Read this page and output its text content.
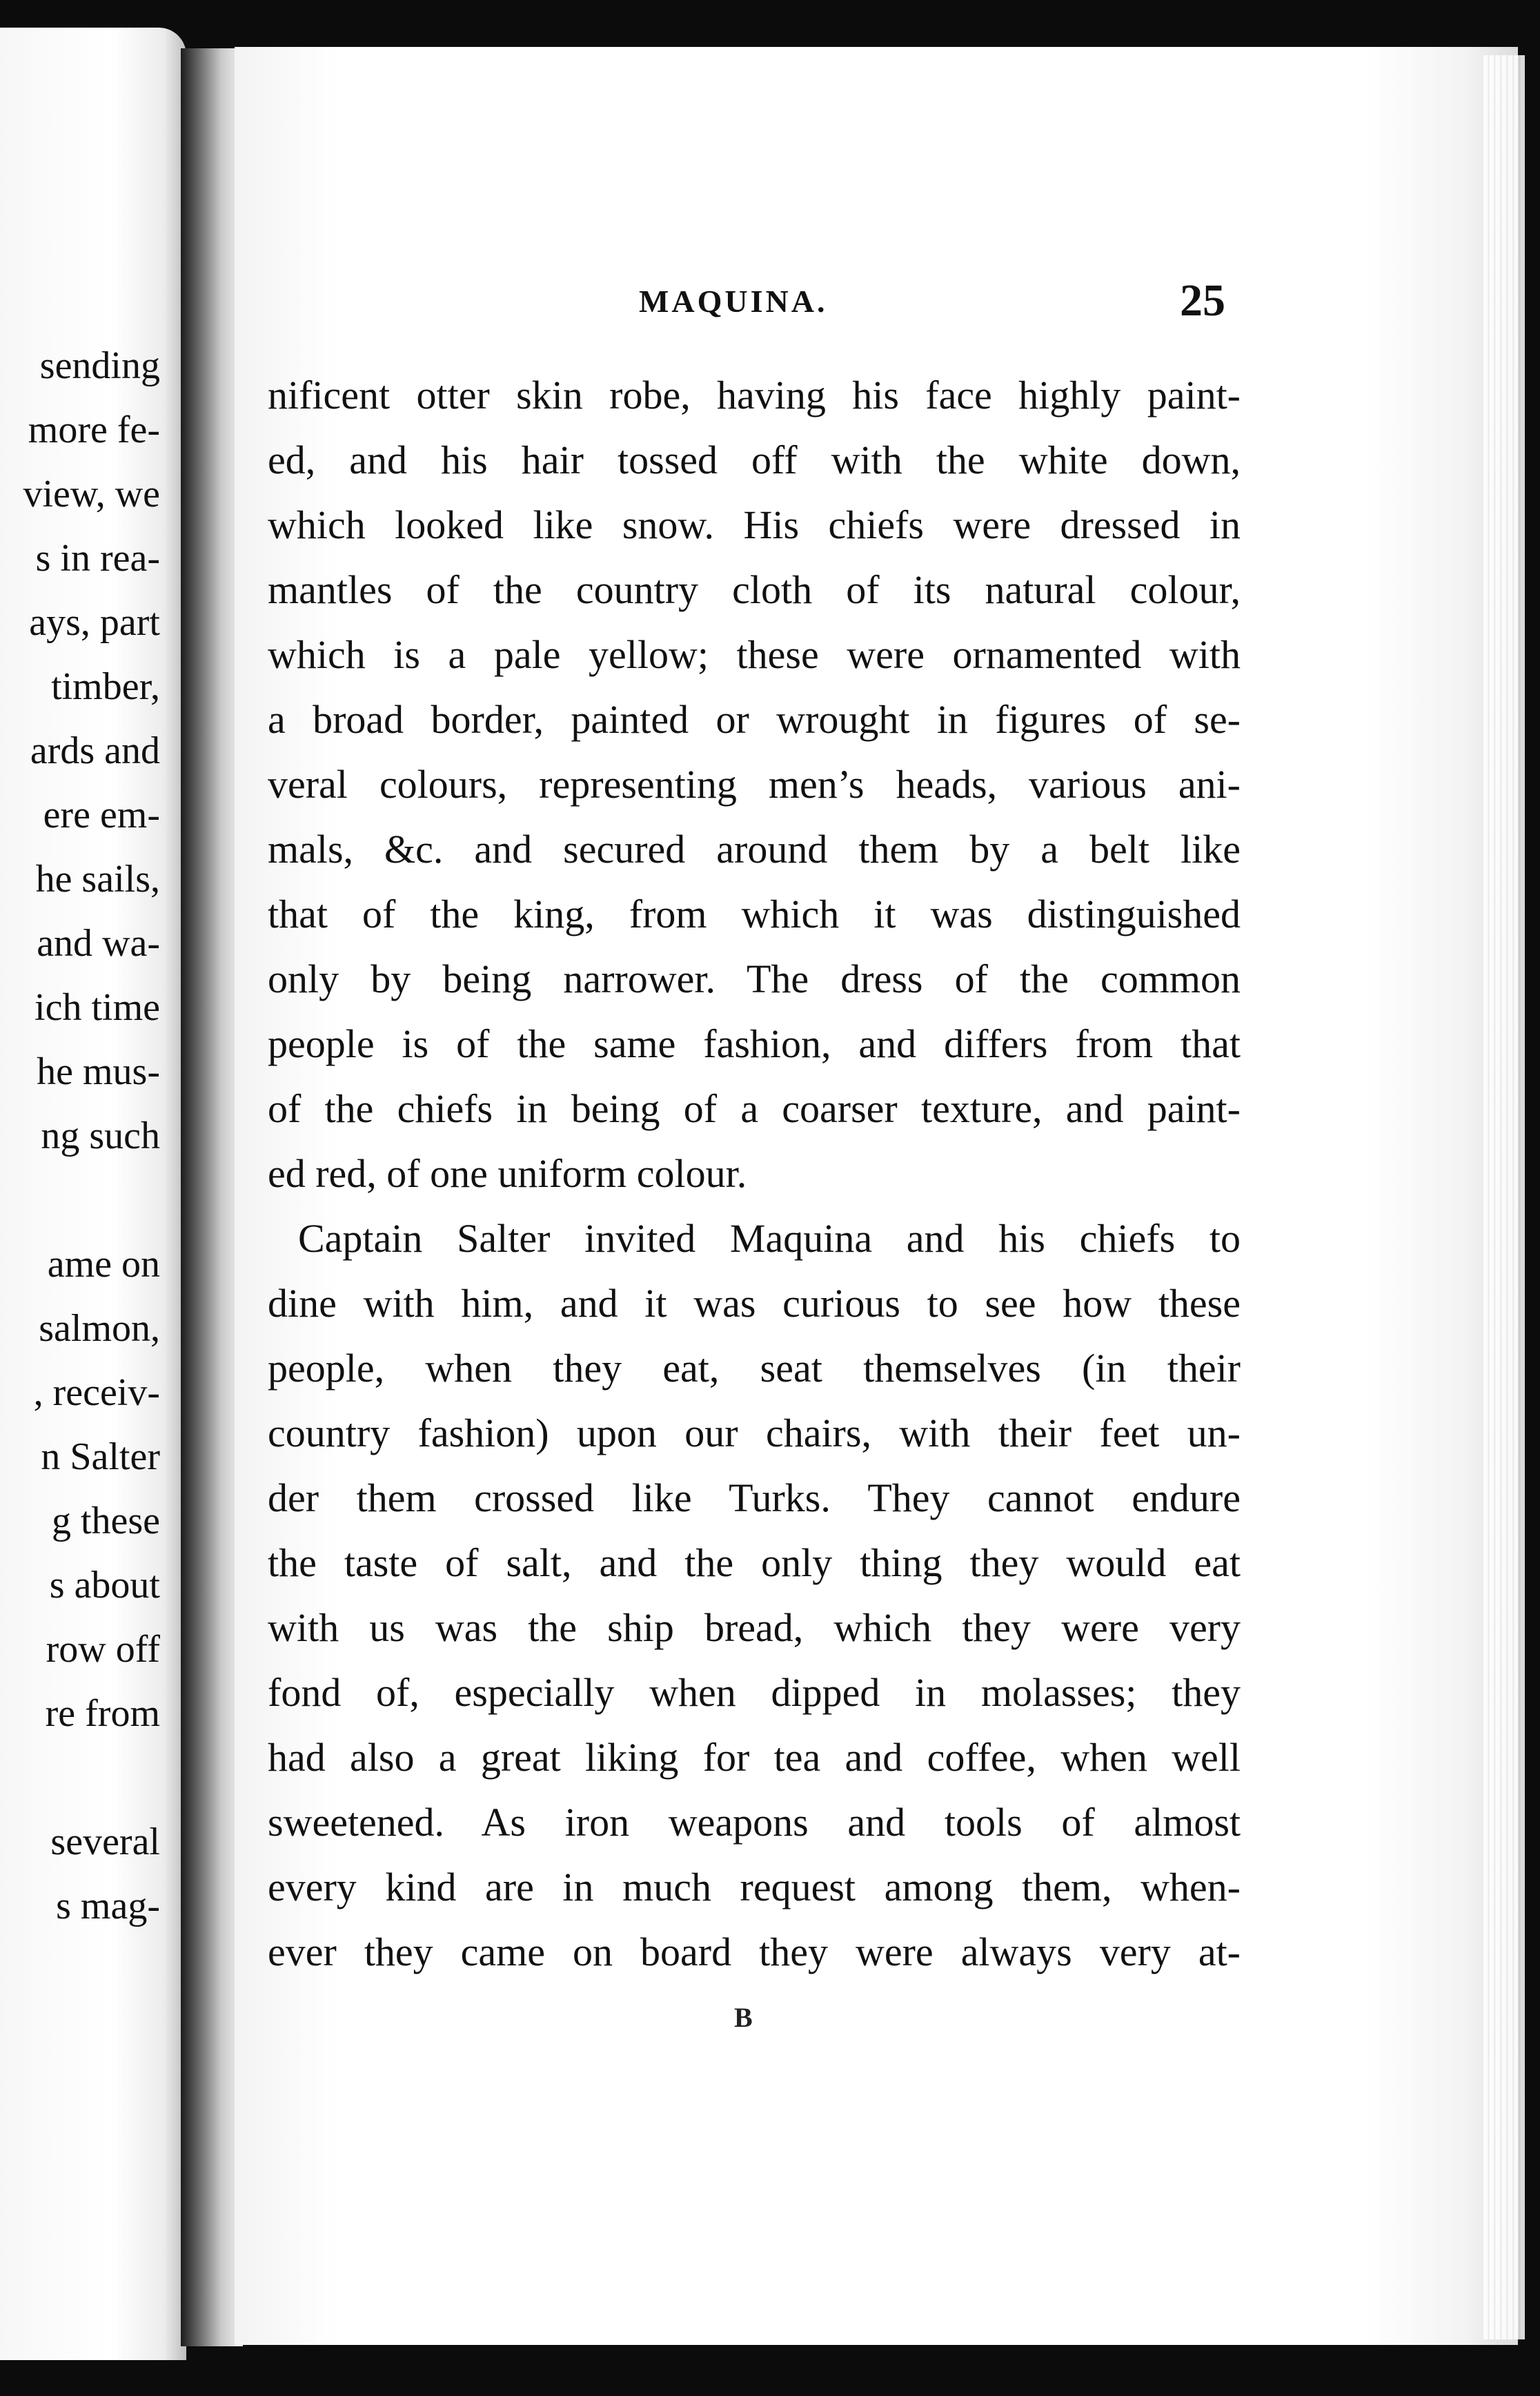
sending
more fe-
view, we
s in rea-
ays, part
timber,
ards and
ere em-
he sails,
and wa-
ich time
he mus-
ng such
ame on
salmon,
, receiv-
n Salter
g these
s about
row off
re from
several
s mag-
MAQUINA.	25
nificent otter skin robe, having his face highly paint-
ed, and his hair tossed off with the white down,
which looked like snow. His chiefs were dressed in
mantles of the country cloth of its natural colour,
which is a pale yellow; these were ornamented with
a broad border, painted or wrought in figures of se-
veral colours, representing men’s heads, various ani-
mals, &c. and secured around them by a belt like
that of the king, from which it was distinguished
only by being narrower. The dress of the common
people is of the same fashion, and differs from that
of the chiefs in being of a coarser texture, and paint-
ed red, of one uniform colour.
Captain Salter invited Maquina and his chiefs to
dine with him, and it was curious to see how these
people, when they eat, seat themselves (in their
country fashion) upon our chairs, with their feet un-
der them crossed like Turks. They cannot endure
the taste of salt, and the only thing they would eat
with us was the ship bread, which they were very
fond of, especially when dipped in molasses; they
had also a great liking for tea and coffee, when well
sweetened. As iron weapons and tools of almost
every kind are in much request among them, when-
ever they came on board they were always very at-
B
